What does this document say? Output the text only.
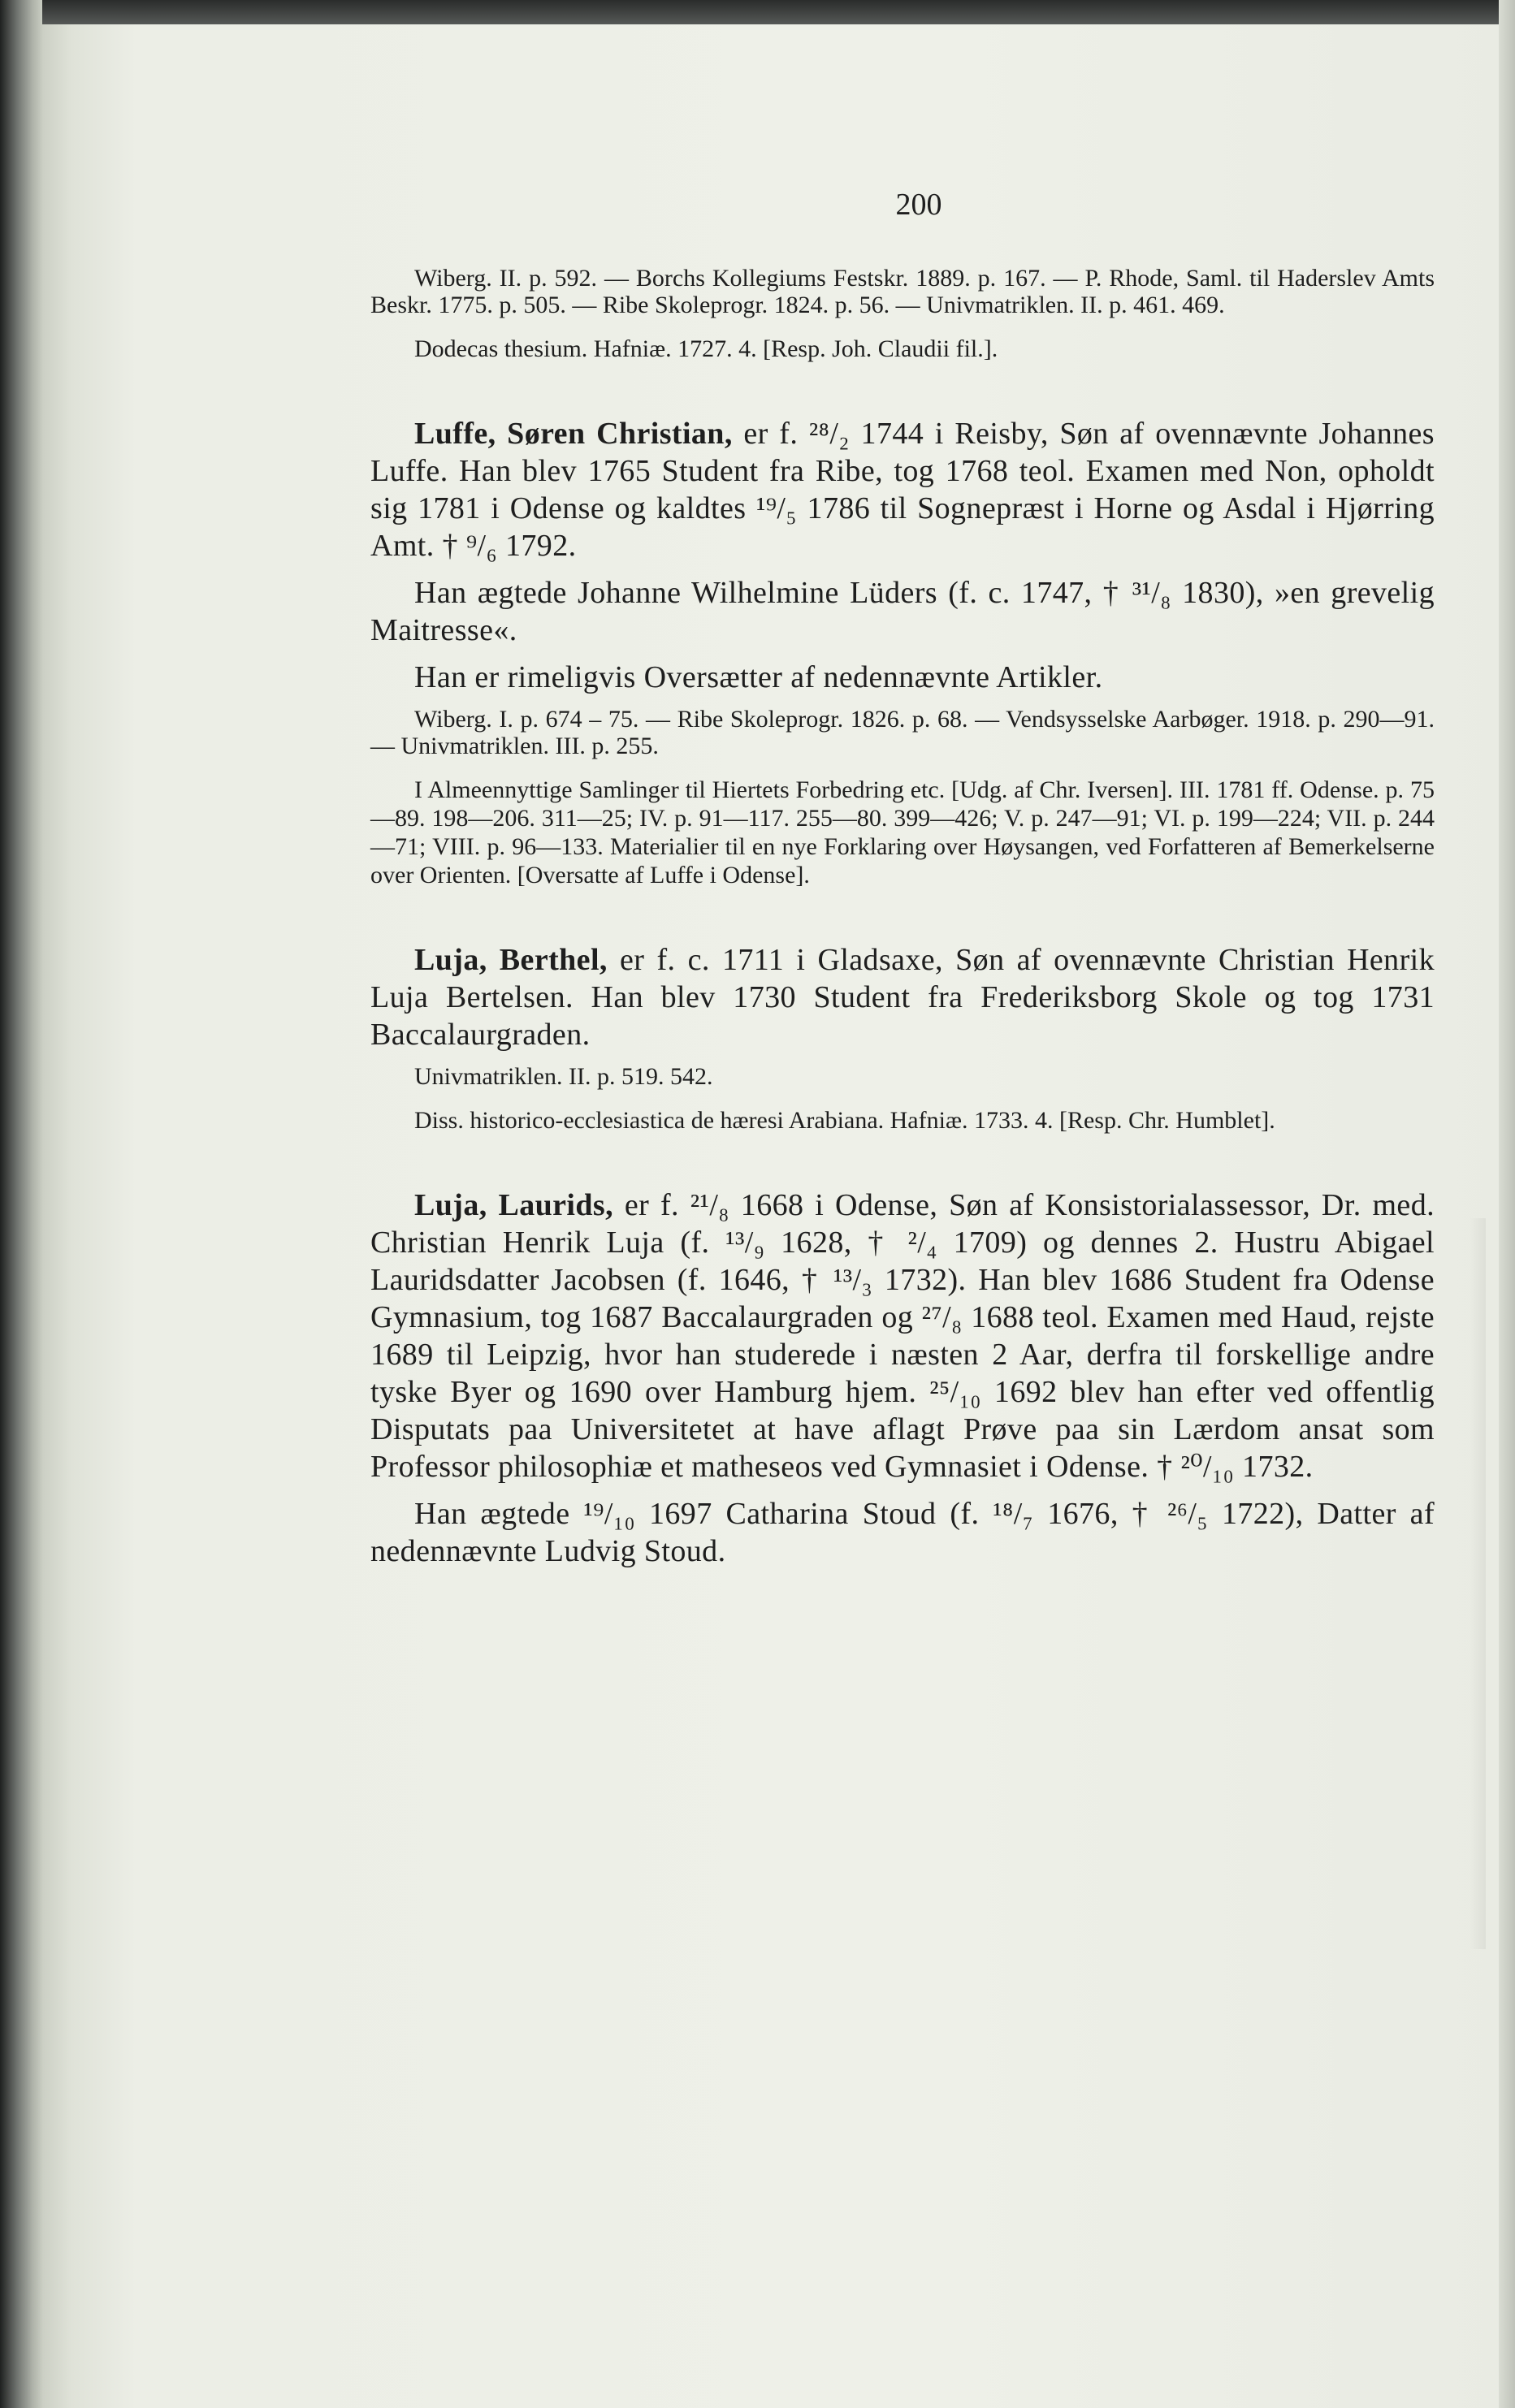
200

Wiberg. II. p. 592. — Borchs Kollegiums Festskr. 1889. p. 167. — P. Rhode, Saml. til Haderslev Amts Beskr. 1775. p. 505. — Ribe Skoleprogr. 1824. p. 56. — Univmatriklen. II. p. 461. 469.

Dodecas thesium. Hafniæ. 1727. 4. [Resp. Joh. Claudii fil.].

Luffe, Søren Christian, er f. ²⁸/₂ 1744 i Reisby, Søn af ovennævnte Johannes Luffe. Han blev 1765 Student fra Ribe, tog 1768 teol. Examen med Non, opholdt sig 1781 i Odense og kaldtes ¹⁹/₅ 1786 til Sognepræst i Horne og Asdal i Hjørring Amt. † ⁹/₆ 1792.

Han ægtede Johanne Wilhelmine Lüders (f. c. 1747, † ³¹/₈ 1830), »en grevelig Maitresse«.

Han er rimeligvis Oversætter af nedennævnte Artikler.

Wiberg. I. p. 674 – 75. — Ribe Skoleprogr. 1826. p. 68. — Vendsysselske Aarbøger. 1918. p. 290—91. — Univmatriklen. III. p. 255.

I Almeennyttige Samlinger til Hiertets Forbedring etc. [Udg. af Chr. Iversen]. III. 1781 ff. Odense. p. 75—89. 198—206. 311—25; IV. p. 91—117. 255—80. 399—426; V. p. 247—91; VI. p. 199—224; VII. p. 244—71; VIII. p. 96—133. Materialier til en nye Forklaring over Høysangen, ved Forfatteren af Bemerkelserne over Orienten. [Oversatte af Luffe i Odense].

Luja, Berthel, er f. c. 1711 i Gladsaxe, Søn af ovennævnte Christian Henrik Luja Bertelsen. Han blev 1730 Student fra Frederiksborg Skole og tog 1731 Baccalaurgraden.

Univmatriklen. II. p. 519. 542.

Diss. historico-ecclesiastica de hæresi Arabiana. Hafniæ. 1733. 4. [Resp. Chr. Humblet].

Luja, Laurids, er f. ²¹/₈ 1668 i Odense, Søn af Konsistorialassessor, Dr. med. Christian Henrik Luja (f. ¹³/₉ 1628, † ²/₄ 1709) og dennes 2. Hustru Abigael Lauridsdatter Jacobsen (f. 1646, † ¹³/₃ 1732). Han blev 1686 Student fra Odense Gymnasium, tog 1687 Baccalaurgraden og ²⁷/₈ 1688 teol. Examen med Haud, rejste 1689 til Leipzig, hvor han studerede i næsten 2 Aar, derfra til forskellige andre tyske Byer og 1690 over Hamburg hjem. ²⁵/₁₀ 1692 blev han efter ved offentlig Disputats paa Universitetet at have aflagt Prøve paa sin Lærdom ansat som Professor philosophiæ et matheseos ved Gymnasiet i Odense. † ²⁰/₁₀ 1732.

Han ægtede ¹⁹/₁₀ 1697 Catharina Stoud (f. ¹⁸/₇ 1676, † ²⁶/₅ 1722), Datter af nedennævnte Ludvig Stoud.
